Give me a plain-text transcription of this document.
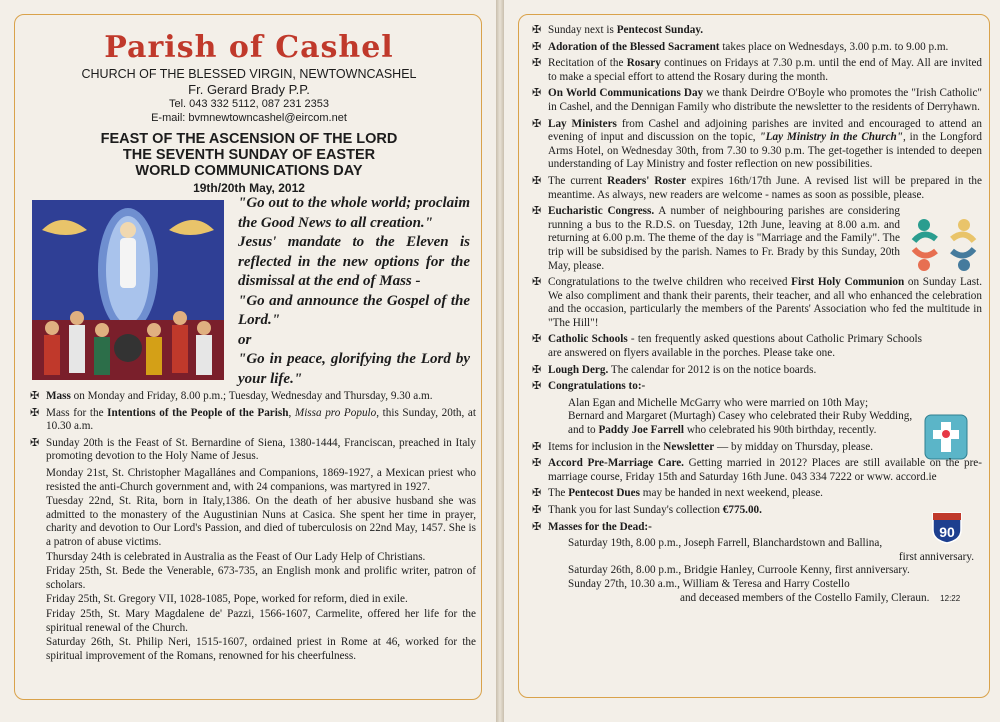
Parish of Cashel
CHURCH OF THE BLESSED VIRGIN, NEWTOWNCASHEL
Fr. Gerard Brady P.P.
Tel. 043 332 5112, 087 231 2353
E-mail: bvmnewtowncashel@eircom.net
FEAST OF THE ASCENSION OF THE LORD
THE SEVENTH SUNDAY OF EASTER
WORLD COMMUNICATIONS DAY
19th/20th May, 2012
"Go out to the whole world; proclaim the Good News to all creation."
Jesus' mandate to the Eleven is reflected in the new options for the dismissal at the end of Mass -
"Go and announce the Gospel of the Lord."
or
"Go in peace, glorifying the Lord by your life."
✠ Mass on Monday and Friday, 8.00 p.m.; Tuesday, Wednesday and Thursday, 9.30 a.m.
✠ Mass for the Intentions of the People of the Parish, Missa pro Populo, this Sunday, 20th, at 10.30 a.m.
✠ Sunday 20th is the Feast of St. Bernardine of Siena, 1380-1444, Franciscan, preached in Italy promoting devotion to the Holy Name of Jesus.
Monday 21st, St. Christopher Magallánes and Companions, 1869-1927, a Mexican priest who resisted the anti-Church government and, with 24 companions, was martyred in 1927.
Tuesday 22nd, St. Rita, born in Italy,1386. On the death of her abusive husband she was admitted to the monastery of the Augustinian Nuns at Casica. She spent her time in prayer, charity and devotion to Our Lord's Passion, and died of tuberculosis on 22nd May, 1457. She is a patron of abuse victims.
Thursday 24th is celebrated in Australia as the Feast of Our Lady Help of Christians.
Friday 25th, St. Bede the Venerable, 673-735, an English monk and prolific writer, patron of scholars.
Friday 25th, St. Gregory VII, 1028-1085, Pope, worked for reform, died in exile.
Friday 25th, St. Mary Magdalene de' Pazzi, 1566-1607, Carmelite, offered her life for the spiritual renewal of the Church.
Saturday 26th, St. Philip Neri, 1515-1607, ordained priest in Rome at 46, worked for the spiritual improvement of the Romans, renowned for his cheerfulness.
✠ Sunday next is Pentecost Sunday.
✠ Adoration of the Blessed Sacrament takes place on Wednesdays, 3.00 p.m. to 9.00 p.m.
✠ Recitation of the Rosary continues on Fridays at 7.30 p.m. until the end of May. All are invited to make a special effort to attend the Rosary during the month.
✠ On World Communications Day we thank Deirdre O'Boyle who promotes the "Irish Catholic" in Cashel, and the Dennigan Family who distribute the newsletter to the residents of Derryhawn.
✠ Lay Ministers from Cashel and adjoining parishes are invited and encouraged to attend an evening of input and discussion on the topic, "Lay Ministry in the Church", in the Longford Arms Hotel, on Wednesday 30th, from 7.30 to 9.30 p.m. The get-together is intended to deepen understanding of Lay Ministry and foster reflection on new possibilities.
✠ The current Readers' Roster expires 16th/17th June. A revised list will be prepared in the meantime. As always, new readers are welcome - names as soon as possible, please.
✠ Eucharistic Congress. A number of neighbouring parishes are considering running a bus to the R.D.S. on Tuesday, 12th June, leaving at 8.00 a.m. and returning at 6.00 p.m. The theme of the day is "Marriage and the Family". The trip will be subsidised by the parish. Names to Fr. Brady by this Sunday, 20th May, please.
✠ Congratulations to the twelve children who received First Holy Communion on Sunday Last. We also compliment and thank their parents, their teacher, and all who enhanced the celebration and the occasion, particularly the members of the Parents' Association who fed the multitude in "The Hill"!
✠ Catholic Schools - ten frequently asked questions about Catholic Primary Schools are answered on flyers available in the porches. Please take one.
✠ Lough Derg. The calendar for 2012 is on the notice boards.
✠ Congratulations to:-
Alan Egan and Michelle McGarry who were married on 10th May;
Bernard and Margaret (Murtagh) Casey who celebrated their Ruby Wedding,
and to Paddy Joe Farrell who celebrated his 90th birthday, recently.
90
✠ Items for inclusion in the Newsletter — by midday on Thursday, please.
✠ Accord Pre-Marriage Care. Getting married in 2012? Places are still available on the pre-marriage course, Friday 15th and Saturday 16th June. 043 334 7222 or www. accord.ie
✠ The Pentecost Dues may be handed in next weekend, please.
✠ Thank you for last Sunday's collection €775.00.
✠ Masses for the Dead:-
Saturday 19th, 8.00 p.m., Joseph Farrell, Blanchardstown and Ballina,
first anniversary.
Saturday 26th, 8.00 p.m., Bridgie Hanley, Curroole Kenny, first anniversary.
Sunday 27th, 10.30 a.m., William & Teresa and Harry Costello
and deceased members of the Costello Family, Cleraun. 12:22
